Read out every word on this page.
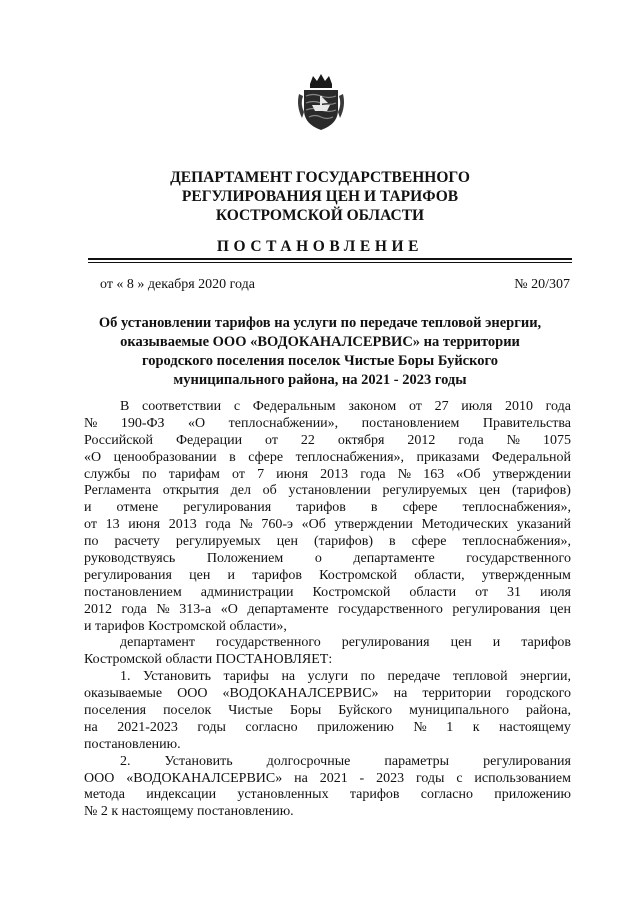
ДЕПАРТАМЕНТ ГОСУДАРСТВЕННОГО
РЕГУЛИРОВАНИЯ ЦЕН И ТАРИФОВ
КОСТРОМСКОЙ ОБЛАСТИ
ПОСТАНОВЛЕНИЕ
от « 8 » декабря 2020 года	№ 20/307
Об установлении тарифов на услуги по передаче тепловой энергии,
оказываемые ООО «ВОДОКАНАЛСЕРВИС» на территории
городского поселения поселок Чистые Боры Буйского
муниципального района, на 2021 - 2023 годы
В соответствии с Федеральным законом от 27 июля 2010 года
№ 190-ФЗ «О теплоснабжении», постановлением Правительства
Российской Федерации от 22 октября 2012 года № 1075
«О ценообразовании в сфере теплоснабжения», приказами Федеральной
службы по тарифам от 7 июня 2013 года № 163 «Об утверждении
Регламента открытия дел об установлении регулируемых цен (тарифов)
и отмене регулирования тарифов в сфере теплоснабжения»,
от 13 июня 2013 года № 760-э «Об утверждении Методических указаний
по расчету регулируемых цен (тарифов) в сфере теплоснабжения»,
руководствуясь Положением о департаменте государственного
регулирования цен и тарифов Костромской области, утвержденным
постановлением администрации Костромской области от 31 июля
2012 года № 313-а «О департаменте государственного регулирования цен
и тарифов Костромской области»,
департамент государственного регулирования цен и тарифов
Костромской области ПОСТАНОВЛЯЕТ:
1. Установить тарифы на услуги по передаче тепловой энергии,
оказываемые ООО «ВОДОКАНАЛСЕРВИС» на территории городского
поселения поселок Чистые Боры Буйского муниципального района,
на 2021-2023 годы согласно приложению № 1 к настоящему
постановлению.
2. Установить долгосрочные параметры регулирования
ООО «ВОДОКАНАЛСЕРВИС» на 2021 - 2023 годы с использованием
метода индексации установленных тарифов согласно приложению
№ 2 к настоящему постановлению.
